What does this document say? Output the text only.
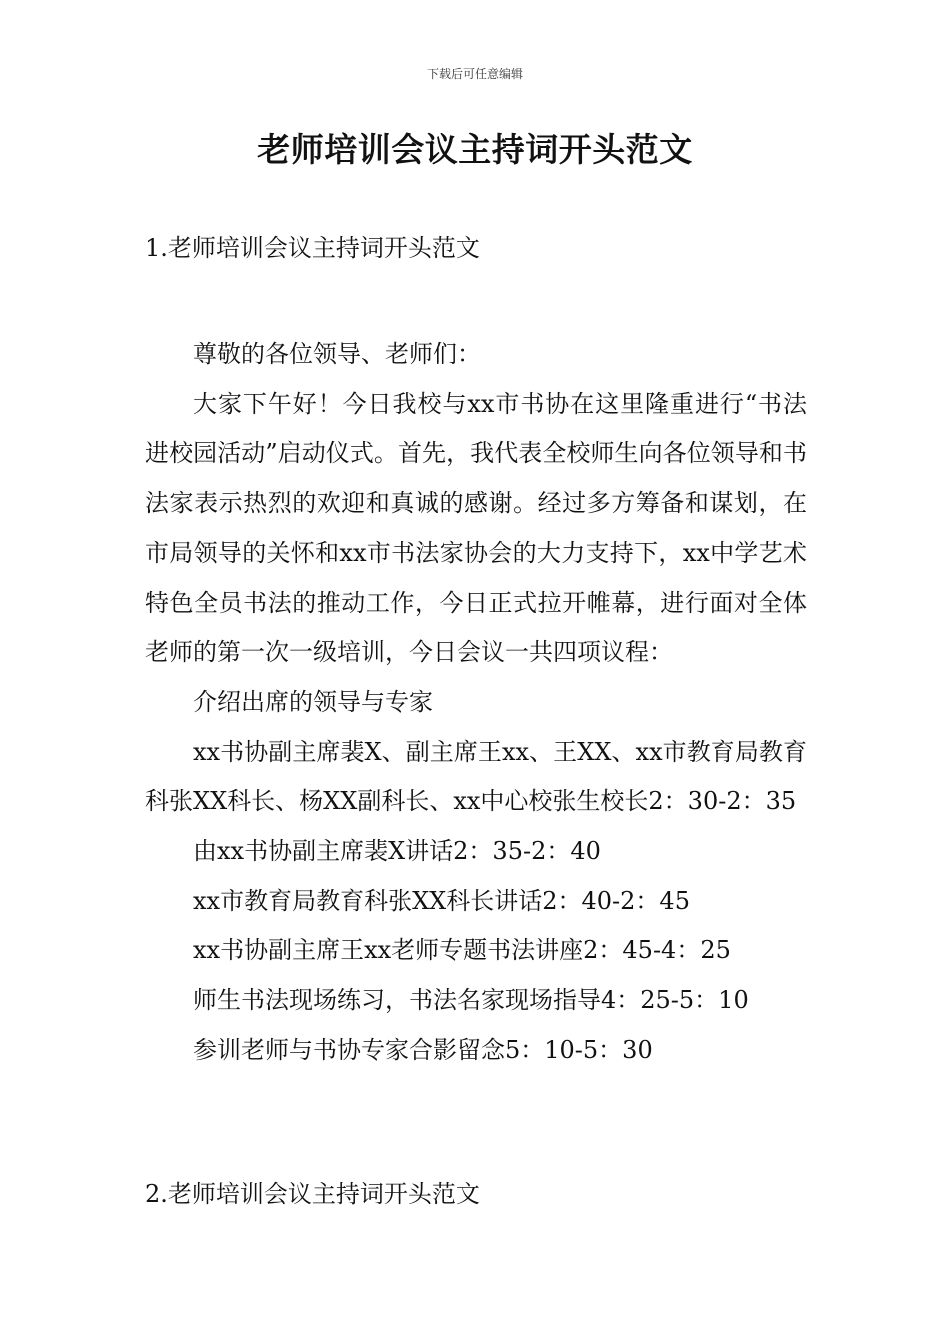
下载后可任意编辑
老师培训会议主持词开头范文
1.老师培训会议主持词开头范文

尊敬的各位领导、老师们：

大家下午好！今日我校与xx市书协在这里隆重进行“书法进校园活动”启动仪式。首先，我代表全校师生向各位领导和书法家表示热烈的欢迎和真诚的感谢。经过多方筹备和谋划，在市局领导的关怀和xx市书法家协会的大力支持下，xx中学艺术特色全员书法的推动工作，今日正式拉开帷幕，进行面对全体老师的第一次一级培训，今日会议一共四项议程：

介绍出席的领导与专家

xx书协副主席裴X、副主席王xx、王XX、xx市教育局教育科张XX科长、杨XX副科长、xx中心校张生校长2：30-2：35

由xx书协副主席裴X讲话2：35-2：40

xx市教育局教育科张XX科长讲话2：40-2：45

xx书协副主席王xx老师专题书法讲座2：45-4：25

师生书法现场练习，书法名家现场指导4：25-5：10

参训老师与书协专家合影留念5：10-5：30

2.老师培训会议主持词开头范文
